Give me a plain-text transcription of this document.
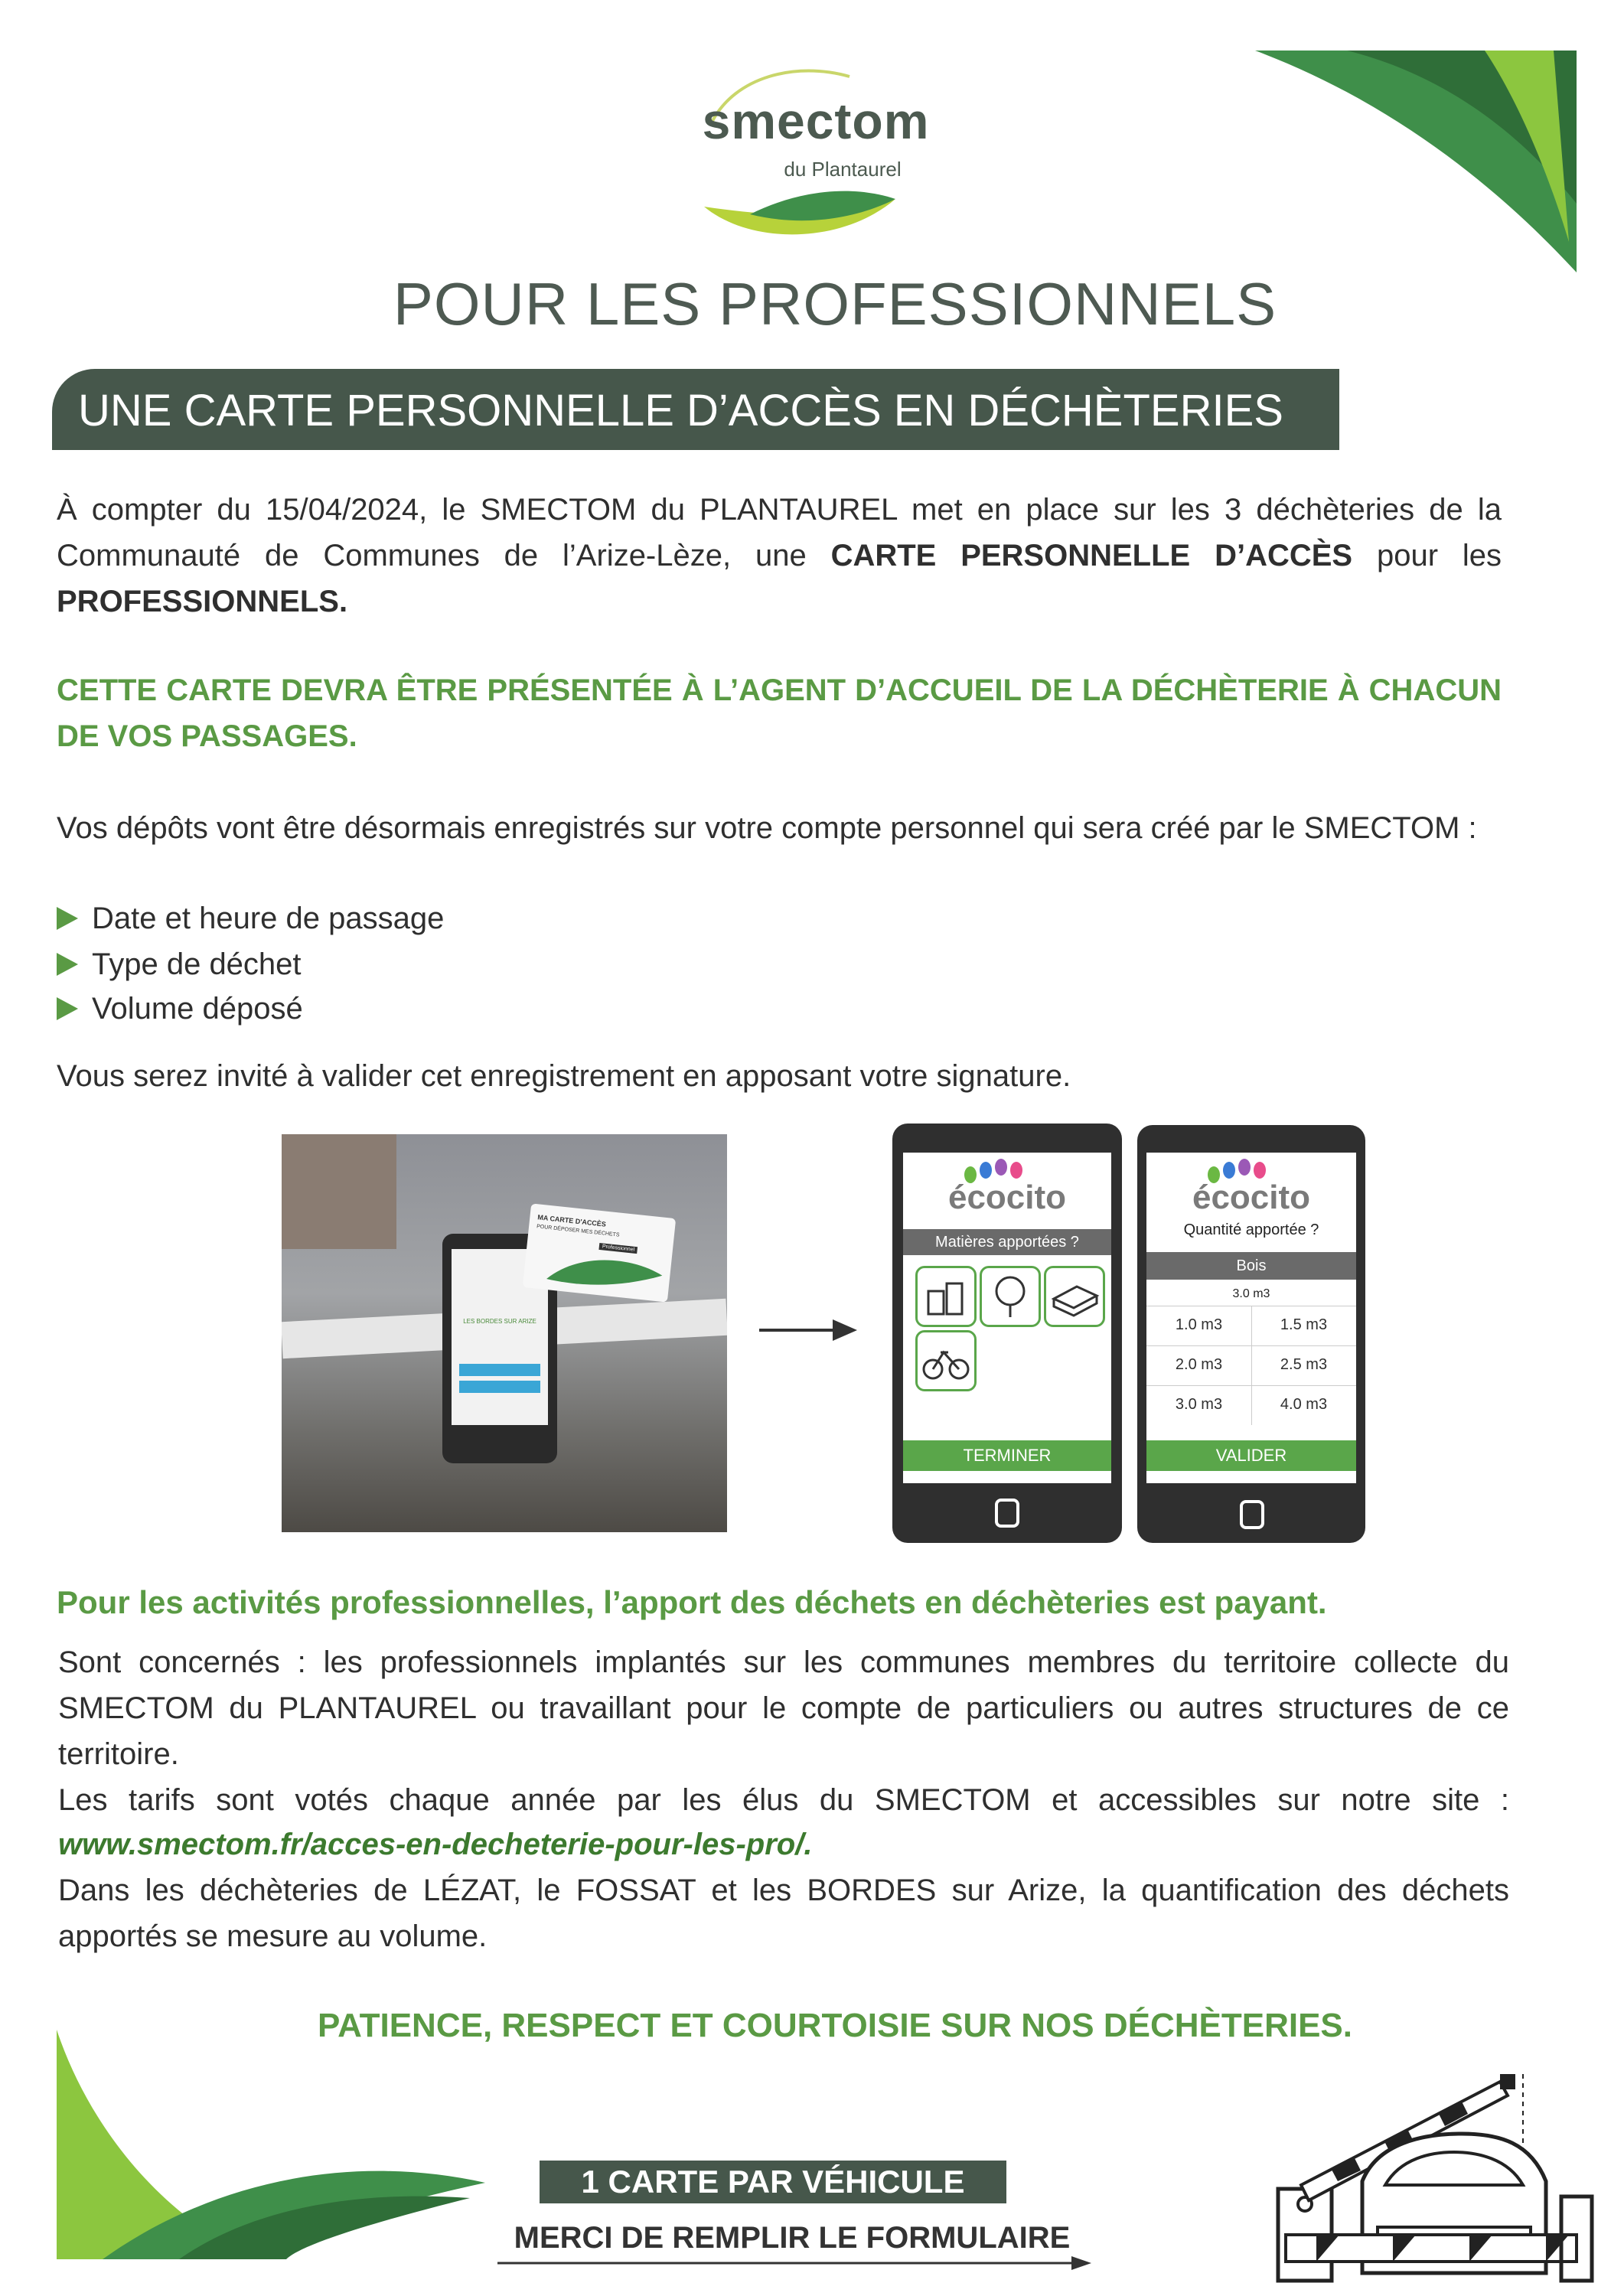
smectom
du Plantaurel
POUR LES PROFESSIONNELS
UNE CARTE PERSONNELLE D’ACCÈS EN DÉCHÈTERIES
À compter du 15/04/2024, le SMECTOM du PLANTAUREL met en place sur les 3 déchèteries de la Communauté de Communes de l’Arize-Lèze, une CARTE PERSONNELLE D’ACCÈS pour les PROFESSIONNELS.
CETTE CARTE DEVRA ÊTRE PRÉSENTÉE À L’AGENT D’ACCUEIL DE LA DÉCHÈTERIE À CHACUN DE VOS PASSAGES.
Vos dépôts vont être désormais enregistrés sur votre compte personnel qui sera créé par le SMECTOM :
Date et heure de passage
Type de déchet
Volume déposé
Vous serez invité à valider cet enregistrement en apposant votre signature.
LES BORDES SUR ARIZE
MA CARTE D'ACCÈS
POUR DÉPOSER MES DÉCHETS
Professionnel
écocito
Matières apportées ?
TERMINER
écocito
Quantité apportée ?
Bois
3.0 m3
1.0 m3	1.5 m3
2.0 m3	2.5 m3
3.0 m3	4.0 m3
VALIDER
Pour les activités professionnelles, l’apport des déchets en déchèteries est payant.
Sont concernés : les professionnels implantés sur les communes membres du territoire collecte du SMECTOM du PLANTAUREL ou travaillant pour le compte de particuliers ou autres structures de ce territoire.
Les tarifs sont votés chaque année par les élus du SMECTOM et accessibles sur notre site :
www.smectom.fr/acces-en-decheterie-pour-les-pro/.
Dans les déchèteries de LÉZAT, le FOSSAT et les BORDES sur Arize, la quantification des déchets apportés se mesure au volume.
PATIENCE, RESPECT ET COURTOISIE SUR NOS DÉCHÈTERIES.
1 CARTE PAR VÉHICULE
MERCI DE REMPLIR LE FORMULAIRE
